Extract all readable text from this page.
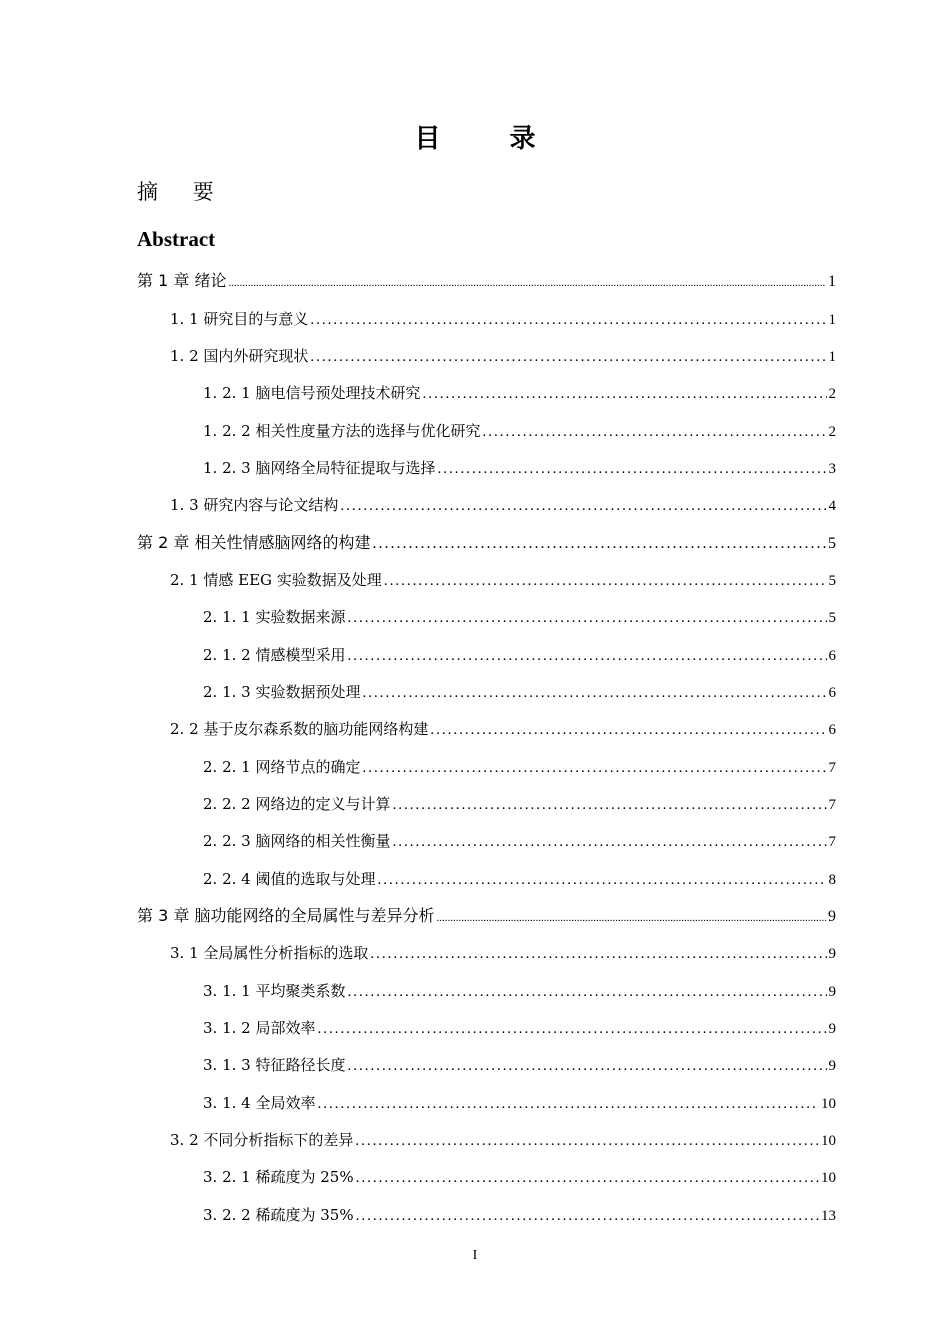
目 录
摘 要
Abstract
第 1 章 绪论 .....	1
1. 1 研究目的与意义 .....	1
1. 2 国内外研究现状 .....	1
1. 2. 1 脑电信号预处理技术研究 .....	2
1. 2. 2 相关性度量方法的选择与优化研究 .....	2
1. 2. 3 脑网络全局特征提取与选择 .....	3
1. 3 研究内容与论文结构 .....	4
第 2 章 相关性情感脑网络的构建 .....	5
2. 1 情感 EEG 实验数据及处理 .....	5
2. 1. 1 实验数据来源 .....	5
2. 1. 2 情感模型采用 .....	6
2. 1. 3 实验数据预处理 .....	6
2. 2 基于皮尔森系数的脑功能网络构建 .....	6
2. 2. 1 网络节点的确定 .....	7
2. 2. 2 网络边的定义与计算 .....	7
2. 2. 3 脑网络的相关性衡量 .....	7
2. 2. 4 阈值的选取与处理 .....	8
第 3 章 脑功能网络的全局属性与差异分析 .....	9
3. 1 全局属性分析指标的选取 .....	9
3. 1. 1 平均聚类系数 .....	9
3. 1. 2 局部效率 .....	9
3. 1. 3 特征路径长度 .....	9
3. 1. 4 全局效率 .....	10
3. 2 不同分析指标下的差异 .....	10
3. 2. 1 稀疏度为 25% .....	10
3. 2. 2 稀疏度为 35% .....	13
I
